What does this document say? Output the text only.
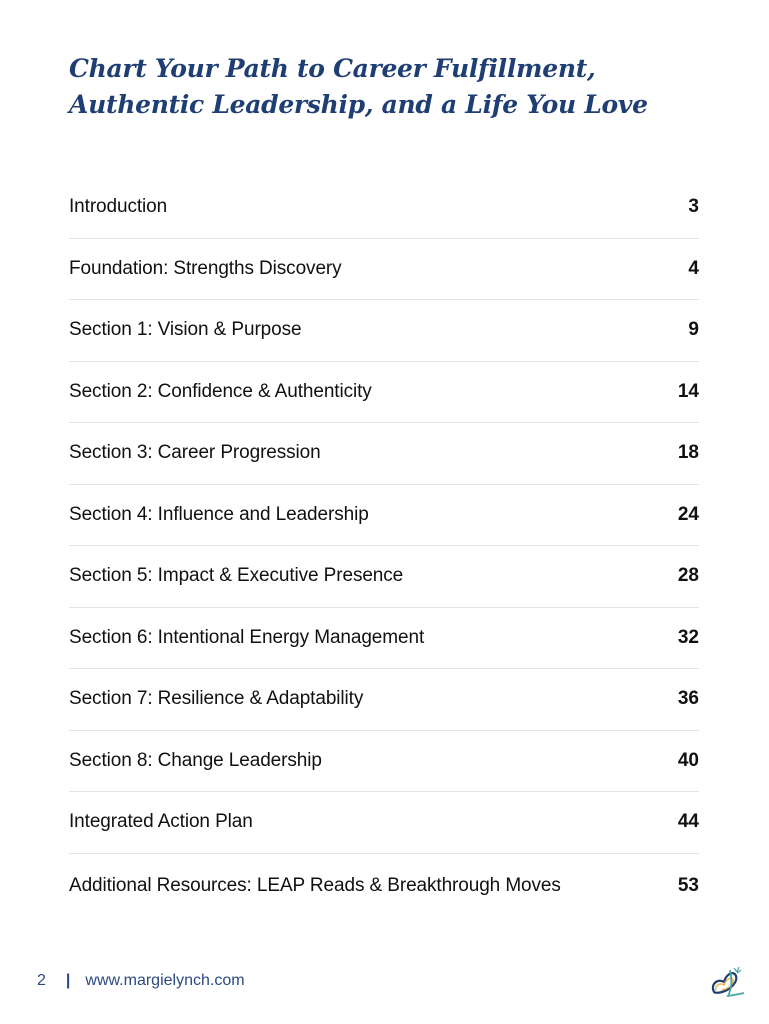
Chart Your Path to Career Fulfillment, Authentic Leadership, and a Life You Love
Introduction	3
Foundation: Strengths Discovery	4
Section 1: Vision & Purpose	9
Section 2: Confidence & Authenticity	14
Section 3: Career Progression	18
Section 4: Influence and Leadership	24
Section 5: Impact & Executive Presence	28
Section 6: Intentional Energy Management	32
Section 7: Resilience & Adaptability	36
Section 8: Change Leadership	40
Integrated Action Plan	44
Additional Resources: LEAP Reads & Breakthrough Moves	53
2 | www.margielynch.com
